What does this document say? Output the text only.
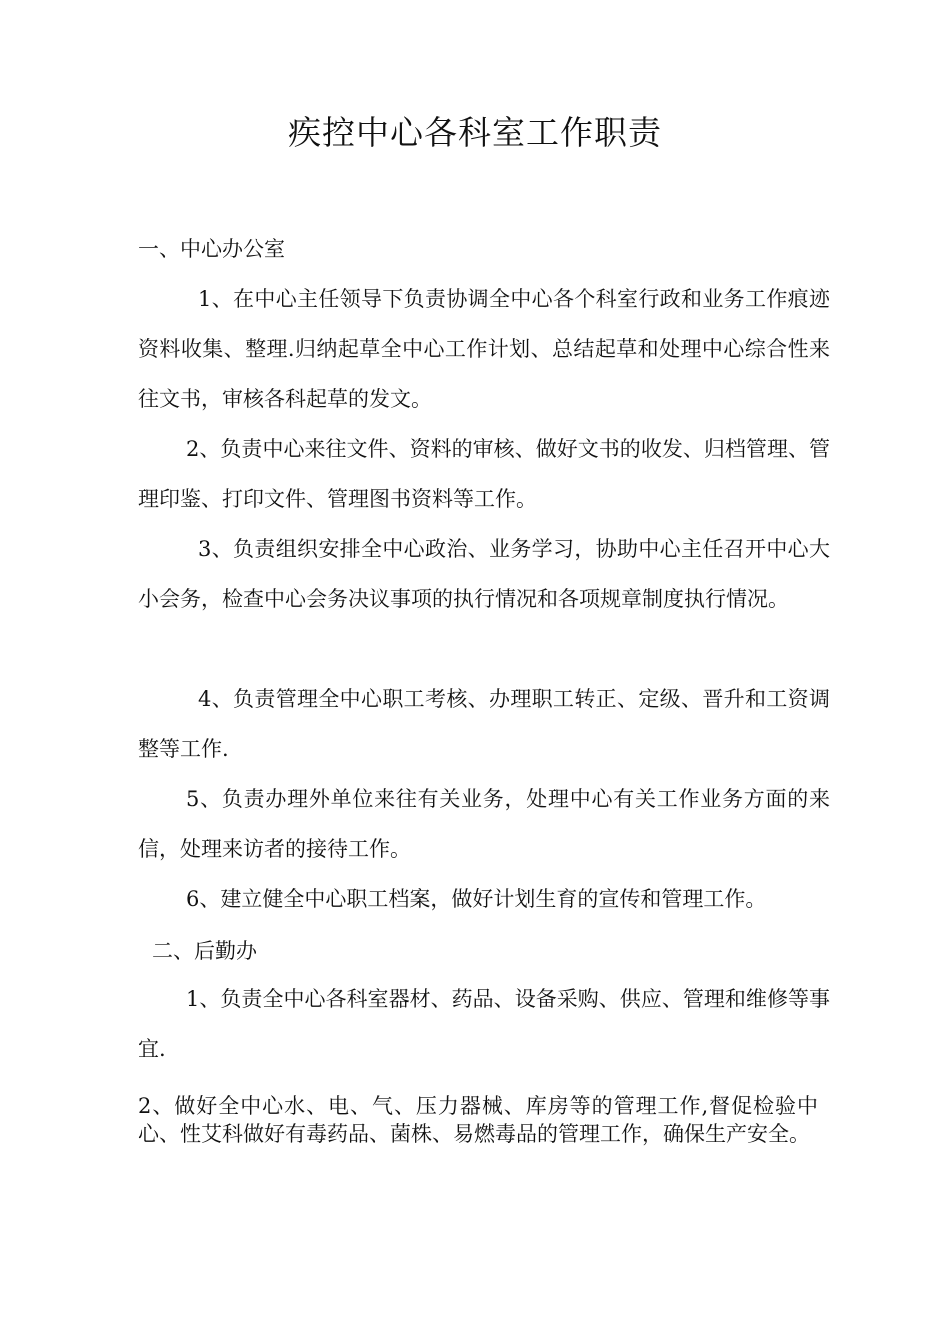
疾控中心各科室工作职责

一、中心办公室

1、在中心主任领导下负责协调全中心各个科室行政和业务工作痕迹资料收集、整理.归纳起草全中心工作计划、总结起草和处理中心综合性来往文书，审核各科起草的发文。

2、负责中心来往文件、资料的审核、做好文书的收发、归档管理、管理印鉴、打印文件、管理图书资料等工作。

3、负责组织安排全中心政治、业务学习，协助中心主任召开中心大小会务，检查中心会务决议事项的执行情况和各项规章制度执行情况。

4、负责管理全中心职工考核、办理职工转正、定级、晋升和工资调整等工作.

5、负责办理外单位来往有关业务，处理中心有关工作业务方面的来信，处理来访者的接待工作。

6、建立健全中心职工档案，做好计划生育的宣传和管理工作。

二、后勤办

1、负责全中心各科室器材、药品、设备采购、供应、管理和维修等事宜.

2、做好全中心水、电、气、压力器械、库房等的管理工作,督促检验中心、性艾科做好有毒药品、菌株、易燃毒品的管理工作，确保生产安全。
